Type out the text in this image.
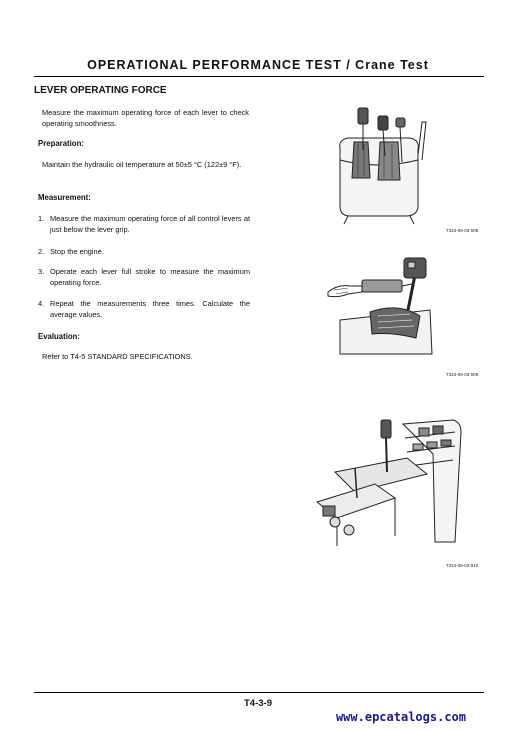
OPERATIONAL PERFORMANCE TEST / Crane Test
LEVER OPERATING FORCE
Measure the maximum operating force of each lever to check operating smoothness.
Preparation:
Maintain the hydraulic oil temperature at 50±5 °C (122±9 °F).
Measurement:
1. Measure the maximum operating force of all control levers at just below the lever grip.
2. Stop the engine.
3. Operate each lever full stroke to measure the maximum operating force.
4. Repeat the measurements three times. Calculate the average values.
Evaluation:
Refer to T4-5 STANDARD SPECIFICATIONS.
T324-06-03-008
T324-06-03-009
T324-06-03-010
T4-3-9
www.epcatalogs.com
